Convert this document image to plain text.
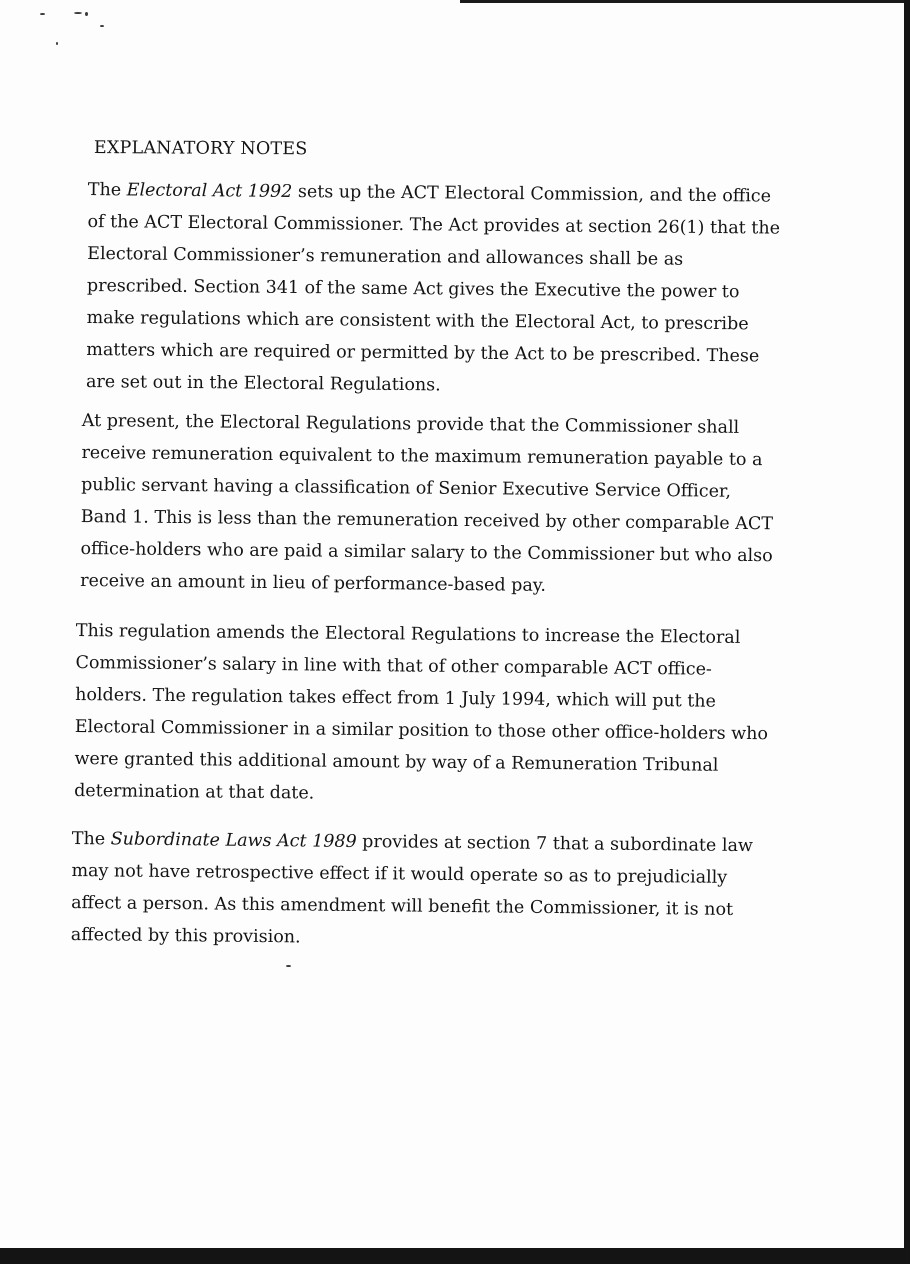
EXPLANATORY NOTES

The Electoral Act 1992 sets up the ACT Electoral Commission, and the office of the ACT Electoral Commissioner. The Act provides at section 26(1) that the Electoral Commissioner’s remuneration and allowances shall be as prescribed. Section 341 of the same Act gives the Executive the power to make regulations which are consistent with the Electoral Act, to prescribe matters which are required or permitted by the Act to be prescribed. These are set out in the Electoral Regulations.

At present, the Electoral Regulations provide that the Commissioner shall receive remuneration equivalent to the maximum remuneration payable to a public servant having a classification of Senior Executive Service Officer, Band 1. This is less than the remuneration received by other comparable ACT office-holders who are paid a similar salary to the Commissioner but who also receive an amount in lieu of performance-based pay.

This regulation amends the Electoral Regulations to increase the Electoral Commissioner’s salary in line with that of other comparable ACT office-holders. The regulation takes effect from 1 July 1994, which will put the Electoral Commissioner in a similar position to those other office-holders who were granted this additional amount by way of a Remuneration Tribunal determination at that date.

The Subordinate Laws Act 1989 provides at section 7 that a subordinate law may not have retrospective effect if it would operate so as to prejudicially affect a person. As this amendment will benefit the Commissioner, it is not affected by this provision.
